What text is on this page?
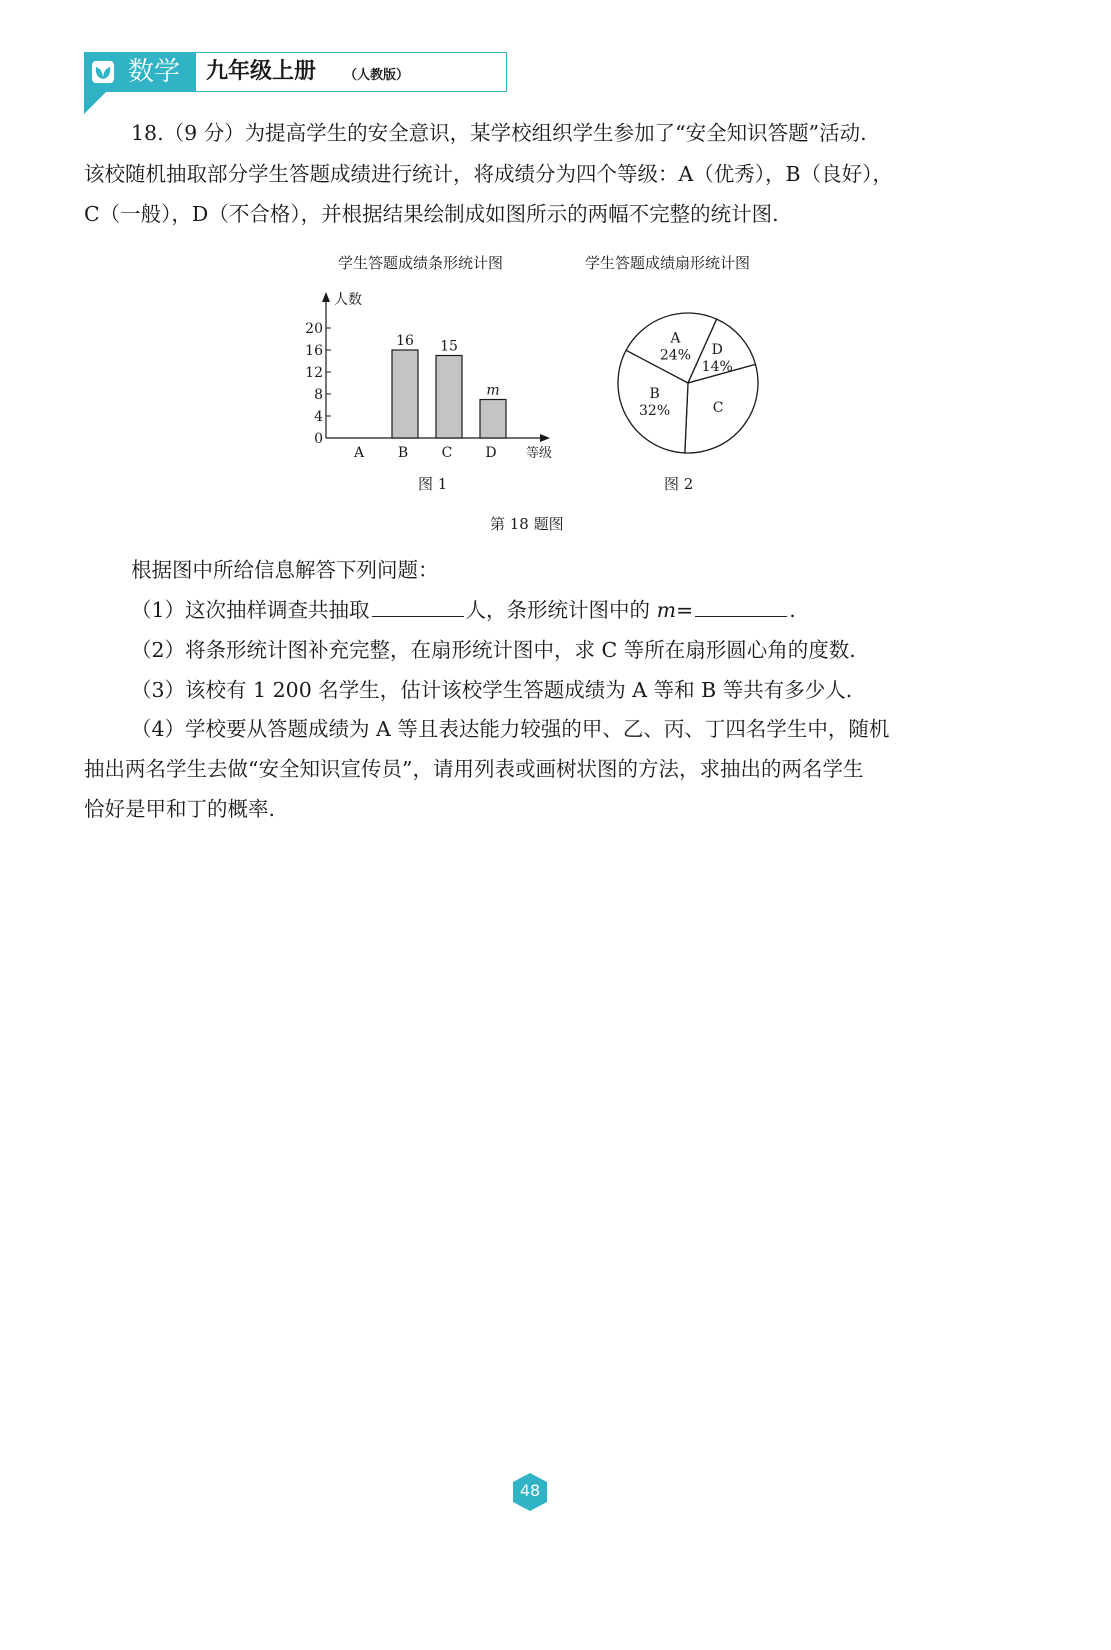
数学 九年级上册 （人教版）
18.（9 分）为提高学生的安全意识，某学校组织学生参加了“安全知识答题”活动.
该校随机抽取部分学生答题成绩进行统计，将成绩分为四个等级：A（优秀），B（良好），
C（一般），D（不合格），并根据结果绘制成如图所示的两幅不完整的统计图.
学生答题成绩条形统计图	学生答题成绩扇形统计图
人数
等级
0
4
8
12
16
20
A B
16
C
15
D
m
A
24% D
14%
C
B
32%
图 1	图 2
第 18 题图
根据图中所给信息解答下列问题：
（1）这次抽样调查共抽取	人，条形统计图中的 m=	.
（2）将条形统计图补充完整，在扇形统计图中，求 C 等所在扇形圆心角的度数.
（3）该校有 1 200 名学生，估计该校学生答题成绩为 A 等和 B 等共有多少人.
（4）学校要从答题成绩为 A 等且表达能力较强的甲、乙、丙、丁四名学生中，随机
抽出两名学生去做“安全知识宣传员”，请用列表或画树状图的方法，求抽出的两名学生
恰好是甲和丁的概率.
48
